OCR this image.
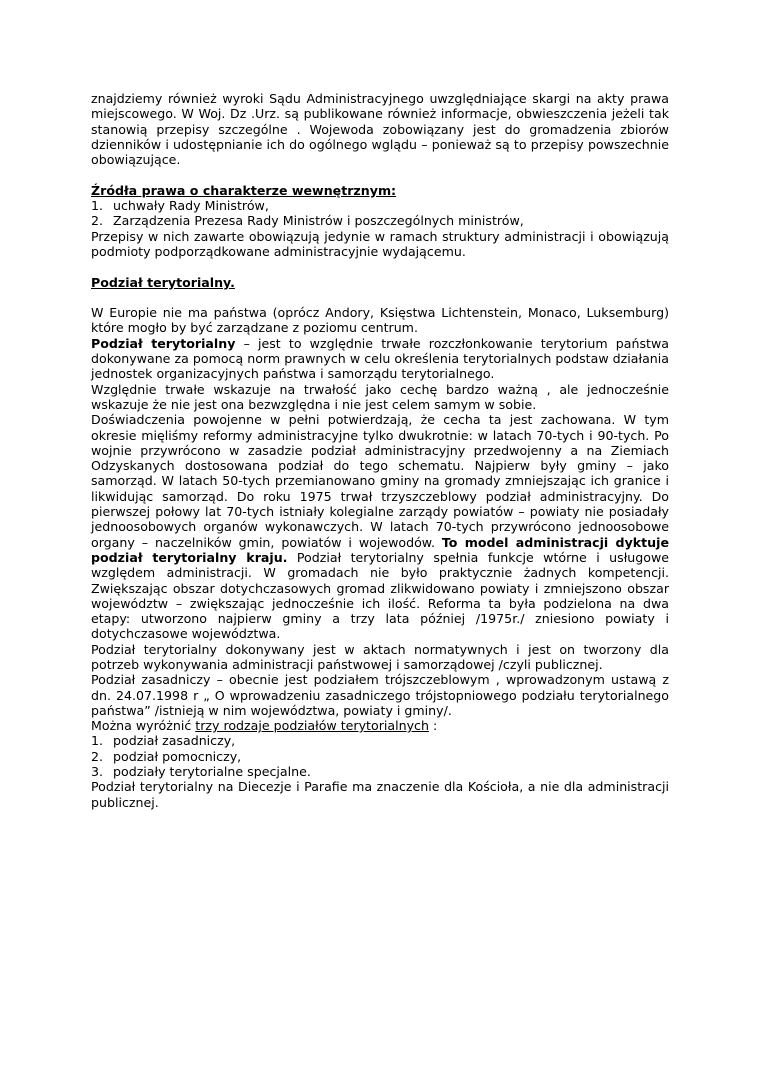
znajdziemy również wyroki Sądu Administracyjnego uwzględniające skargi na akty prawa miejscowego. W Woj. Dz .Urz. są publikowane również informacje, obwieszczenia jeżeli tak stanowią przepisy szczególne . Wojewoda zobowiązany jest do gromadzenia zbiorów dzienników i udostępnianie ich do ogólnego wglądu – ponieważ są to przepisy powszechnie obowiązujące.

Źródła prawa o charakterze wewnętrznym:

1. uchwały Rady Ministrów,
2. Zarządzenia Prezesa Rady Ministrów i poszczególnych ministrów,

Przepisy w nich zawarte obowiązują jedynie w ramach struktury administracji i obowiązują podmioty podporządkowane administracyjnie wydającemu.

Podział terytorialny.

W Europie nie ma państwa (oprócz Andory, Księstwa Lichtenstein, Monaco, Luksemburg) które mogło by być zarządzane z poziomu centrum.

Podział terytorialny – jest to względnie trwałe rozczłonkowanie terytorium państwa dokonywane za pomocą norm prawnych w celu określenia terytorialnych podstaw działania jednostek organizacyjnych państwa i samorządu terytorialnego.

Względnie trwałe wskazuje na trwałość jako cechę bardzo ważną , ale jednocześnie wskazuje że nie jest ona bezwzględna i nie jest celem samym w sobie.

Doświadczenia powojenne w pełni potwierdzają, że cecha ta jest zachowana. W tym okresie mięliśmy reformy administracyjne tylko dwukrotnie: w latach 70-tych i 90-tych. Po wojnie przywrócono w zasadzie podział administracyjny przedwojenny a na Ziemiach Odzyskanych dostosowana podział do tego schematu. Najpierw były gminy – jako samorząd. W latach 50-tych przemianowano gminy na gromady zmniejszając ich granice i likwidując samorząd. Do roku 1975 trwał trzyszczeblowy podział administracyjny. Do pierwszej połowy lat 70-tych istniały kolegialne zarządy powiatów – powiaty nie posiadały jednoosobowych organów wykonawczych. W latach 70-tych przywrócono jednoosobowe organy – naczelników gmin, powiatów i wojewodów. To model administracji dyktuje podział terytorialny kraju. Podział terytorialny spełnia funkcje wtórne i usługowe względem administracji. W gromadach nie było praktycznie żadnych kompetencji. Zwiększając obszar dotychczasowych gromad zlikwidowano powiaty i zmniejszono obszar województw – zwiększając jednocześnie ich ilość. Reforma ta była podzielona na dwa etapy: utworzono najpierw gminy a trzy lata później /1975r./ zniesiono powiaty i dotychczasowe województwa.

Podział terytorialny dokonywany jest w aktach normatywnych i jest on tworzony dla potrzeb wykonywania administracji państwowej i samorządowej /czyli publicznej.

Podział zasadniczy – obecnie jest podziałem trójszczeblowym , wprowadzonym ustawą z dn. 24.07.1998 r „ O wprowadzeniu zasadniczego trójstopniowego podziału terytorialnego państwa” /istnieją w nim województwa, powiaty i gminy/.

Można wyróżnić trzy rodzaje podziałów terytorialnych :

1. podział zasadniczy,
2. podział pomocniczy,
3. podziały terytorialne specjalne.

Podział terytorialny na Diecezje i Parafie ma znaczenie dla Kościoła, a nie dla administracji publicznej.
